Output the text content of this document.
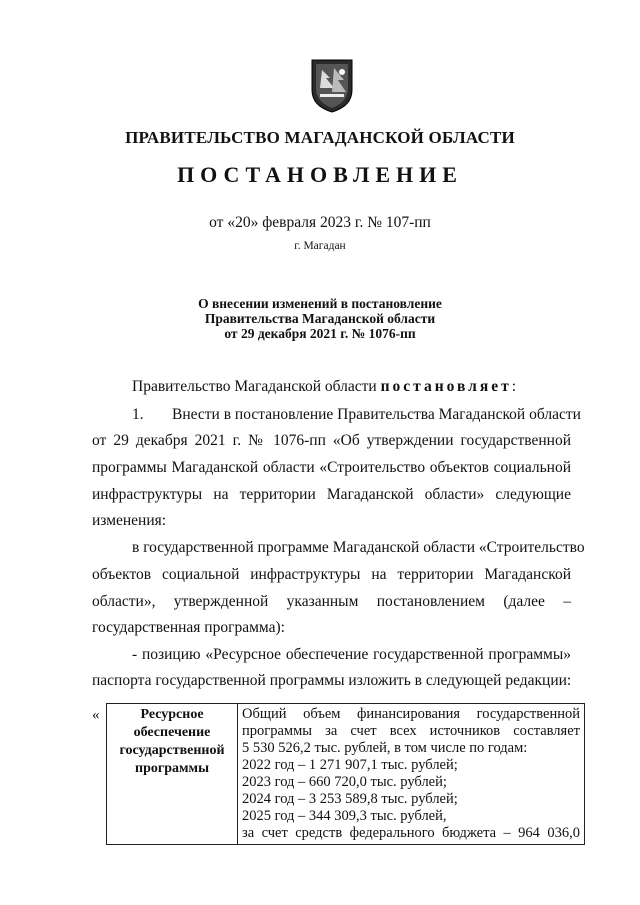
ПРАВИТЕЛЬСТВО МАГАДАНСКОЙ ОБЛАСТИ
ПОСТАНОВЛЕНИЕ
от «20» февраля 2023 г. № 107-пп
г. Магадан
О внесении изменений в постановление
Правительства Магаданской области
от 29 декабря 2021 г. № 1076-пп
Правительство Магаданской области постановляет:
1. Внести в постановление Правительства Магаданской области
от 29 декабря 2021 г. № 1076-пп «Об утверждении государственной
программы Магаданской области «Строительство объектов социальной
инфраструктуры на территории Магаданской области» следующие
изменения:
в государственной программе Магаданской области «Строительство
объектов социальной инфраструктуры на территории Магаданской
области», утвержденной указанным постановлением (далее –
государственная программа):
- позицию «Ресурсное обеспечение государственной программы»
паспорта государственной программы изложить в следующей редакции:
«	Ресурсное
обеспечение
государственной
программы

Общий объем финансирования государственной
программы за счет всех источников составляет
5 530 526,2 тыс. рублей, в том числе по годам:
2022 год – 1 271 907,1 тыс. рублей;
2023 год – 660 720,0 тыс. рублей;
2024 год – 3 253 589,8 тыс. рублей;
2025 год – 344 309,3 тыс. рублей,
за счет средств федерального бюджета – 964 036,0
